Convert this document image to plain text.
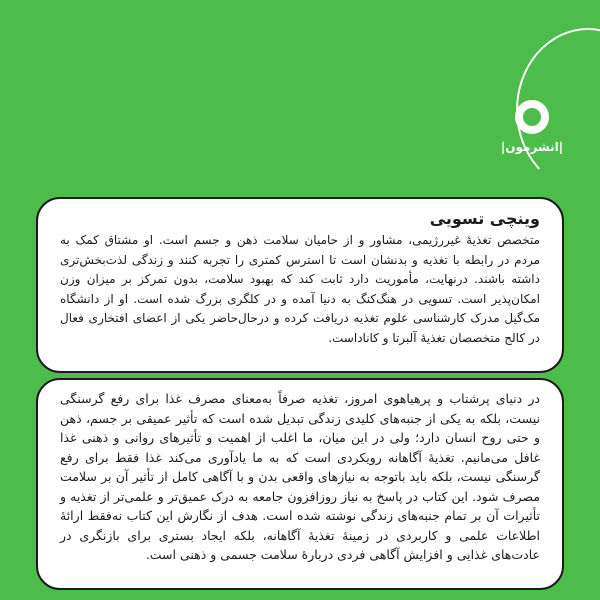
|انشرمون|
وینچی تسویی
متخصص تغذیهٔ غیررژیمی، مشاور و از حامیان سلامت ذهن و جسم است. او مشتاق کمک به مردم در رابطه با تغذیه و بدنشان است تا استرس کمتری را تجربه کنند و زندگی لذت‌بخش‌تری داشته باشند. درنهایت، مأموریت دارد ثابت کند که بهبود سلامت، بدون تمرکز بر میزان وزن امکان‌پذیر است. تسویی در هنگ‌کنگ به دنیا آمده و در کلگری بزرگ شده است. او از دانشگاه مک‌گیل مدرک کارشناسی علوم تغذیه دریافت کرده و درحال‌حاضر یکی از اعضای افتخاری فعال در کالج متخصصان تغذیهٔ آلبرتا و کاناداست.
در دنیای پرشتاب و پرهیاهوی امروز، تغذیه صرفاً به‌معنای مصرف غذا برای رفع گرسنگی نیست، بلکه به یکی از جنبه‌های کلیدی زندگی تبدیل شده است که تأثیر عمیقی بر جسم، ذهن و حتی روح انسان دارد؛ ولی در این میان، ما اغلب از اهمیت و تأثیرهای روانی و ذهنی غذا غافل می‌مانیم. تغذیهٔ آگاهانه رویکردی است که به ما یادآوری می‌کند غذا فقط برای رفع گرسنگی نیست، بلکه باید باتوجه به نیازهای واقعی بدن و با آگاهی کامل از تأثیر آن بر سلامت مصرف شود. این کتاب در پاسخ به نیاز روزافزون جامعه به درک عمیق‌تر و علمی‌تر از تغذیه و تأثیرات آن بر تمام جنبه‌های زندگی نوشته شده است. هدف از نگارش این کتاب نه‌فقط ارائهٔ اطلاعات علمی و کاربردی در زمینهٔ تغذیهٔ آگاهانه، بلکه ایجاد بستری برای بازنگری در عادت‌های غذایی و افزایش آگاهی فردی دربارهٔ سلامت جسمی و ذهنی است.
